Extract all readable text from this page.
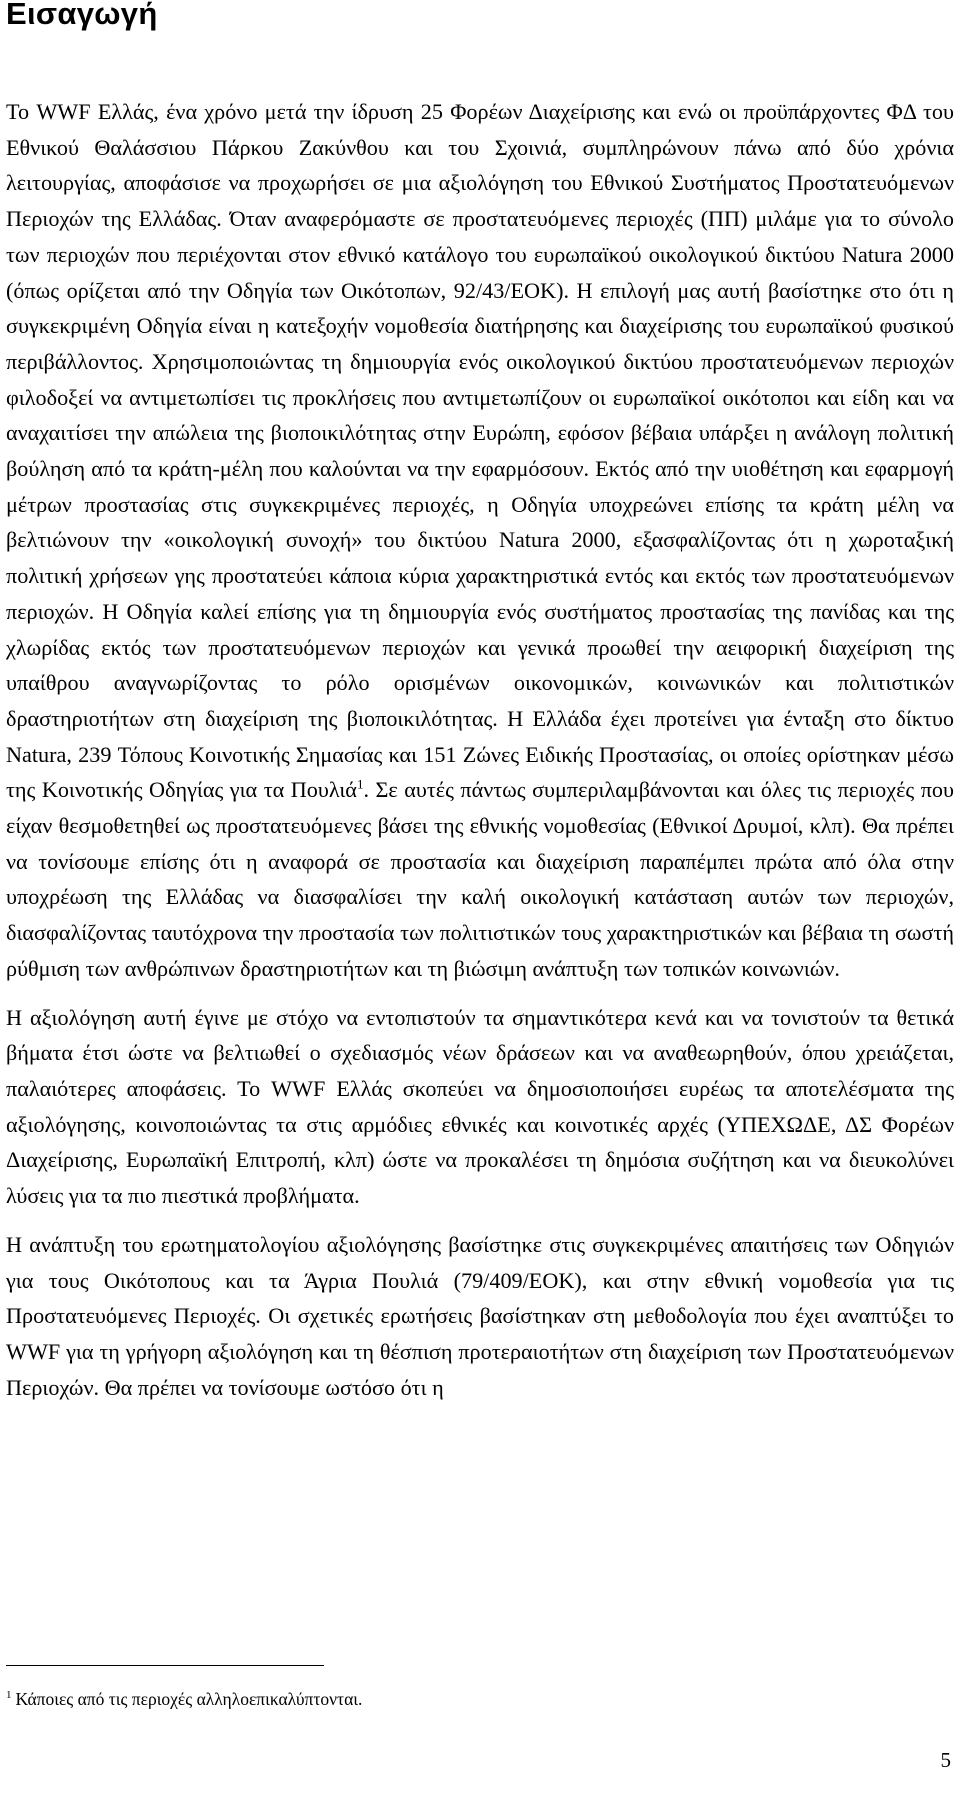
Εισαγωγή

Το WWF Ελλάς, ένα χρόνο μετά την ίδρυση 25 Φορέων Διαχείρισης και ενώ οι προϋπάρχοντες ΦΔ του Εθνικού Θαλάσσιου Πάρκου Ζακύνθου και του Σχοινιά, συμπληρώνουν πάνω από δύο χρόνια λειτουργίας, αποφάσισε να προχωρήσει σε μια αξιολόγηση του Εθνικού Συστήματος Προστατευόμενων Περιοχών της Ελλάδας. Όταν αναφερόμαστε σε προστατευόμενες περιοχές (ΠΠ) μιλάμε για το σύνολο των περιοχών που περιέχονται στον εθνικό κατάλογο του ευρωπαϊκού οικολογικού δικτύου Natura 2000 (όπως ορίζεται από την Οδηγία των Οικότοπων, 92/43/ΕΟΚ). Η επιλογή μας αυτή βασίστηκε στο ότι η συγκεκριμένη Οδηγία είναι η κατεξοχήν νομοθεσία διατήρησης και διαχείρισης του ευρωπαϊκού φυσικού περιβάλλοντος. Χρησιμοποιώντας τη δημιουργία ενός οικολογικού δικτύου προστατευόμενων περιοχών φιλοδοξεί να αντιμετωπίσει τις προκλήσεις που αντιμετωπίζουν οι ευρωπαϊκοί οικότοποι και είδη και να αναχαιτίσει την απώλεια της βιοποικιλότητας στην Ευρώπη, εφόσον βέβαια υπάρξει η ανάλογη πολιτική βούληση από τα κράτη-μέλη που καλούνται να την εφαρμόσουν. Εκτός από την υιοθέτηση και εφαρμογή μέτρων προστασίας στις συγκεκριμένες περιοχές, η Οδηγία υποχρεώνει επίσης τα κράτη μέλη να βελτιώνουν την «οικολογική συνοχή» του δικτύου Natura 2000, εξασφαλίζοντας ότι η χωροταξική πολιτική χρήσεων γης προστατεύει κάποια κύρια χαρακτηριστικά εντός και εκτός των προστατευόμενων περιοχών. Η Οδηγία καλεί επίσης για τη δημιουργία ενός συστήματος προστασίας της πανίδας και της χλωρίδας εκτός των προστατευόμενων περιοχών και γενικά προωθεί την αειφορική διαχείριση της υπαίθρου αναγνωρίζοντας το ρόλο ορισμένων οικονομικών, κοινωνικών και πολιτιστικών δραστηριοτήτων στη διαχείριση της βιοποικιλότητας. Η Ελλάδα έχει προτείνει για ένταξη στο δίκτυο Natura, 239 Τόπους Κοινοτικής Σημασίας και 151 Ζώνες Ειδικής Προστασίας, οι οποίες ορίστηκαν μέσω της Κοινοτικής Οδηγίας για τα Πουλιά$^1$. Σε αυτές πάντως συμπεριλαμβάνονται και όλες τις περιοχές που είχαν θεσμοθετηθεί ως προστατευόμενες βάσει της εθνικής νομοθεσίας (Εθνικοί Δρυμοί, κλπ). Θα πρέπει να τονίσουμε επίσης ότι η αναφορά σε προστασία και διαχείριση παραπέμπει πρώτα από όλα στην υποχρέωση της Ελλάδας να διασφαλίσει την καλή οικολογική κατάσταση αυτών των περιοχών, διασφαλίζοντας ταυτόχρονα την προστασία των πολιτιστικών τους χαρακτηριστικών και βέβαια τη σωστή ρύθμιση των ανθρώπινων δραστηριοτήτων και τη βιώσιμη ανάπτυξη των τοπικών κοινωνιών.

Η αξιολόγηση αυτή έγινε με στόχο να εντοπιστούν τα σημαντικότερα κενά και να τονιστούν τα θετικά βήματα έτσι ώστε να βελτιωθεί ο σχεδιασμός νέων δράσεων και να αναθεωρηθούν, όπου χρειάζεται, παλαιότερες αποφάσεις. Το WWF Ελλάς σκοπεύει να δημοσιοποιήσει ευρέως τα αποτελέσματα της αξιολόγησης, κοινοποιώντας τα στις αρμόδιες εθνικές και κοινοτικές αρχές (ΥΠΕΧΩΔΕ, ΔΣ Φορέων Διαχείρισης, Ευρωπαϊκή Επιτροπή, κλπ) ώστε να προκαλέσει τη δημόσια συζήτηση και να διευκολύνει λύσεις για τα πιο πιεστικά προβλήματα.

Η ανάπτυξη του ερωτηματολογίου αξιολόγησης βασίστηκε στις συγκεκριμένες απαιτήσεις των Οδηγιών για τους Οικότοπους και τα Άγρια Πουλιά (79/409/ΕΟΚ), και στην εθνική νομοθεσία για τις Προστατευόμενες Περιοχές. Οι σχετικές ερωτήσεις βασίστηκαν στη μεθοδολογία που έχει αναπτύξει το WWF για τη γρήγορη αξιολόγηση και τη θέσπιση προτεραιοτήτων στη διαχείριση των Προστατευόμενων Περιοχών. Θα πρέπει να τονίσουμε ωστόσο ότι η

$^1$ Κάποιες από τις περιοχές αλληλοεπικαλύπτονται.

5
